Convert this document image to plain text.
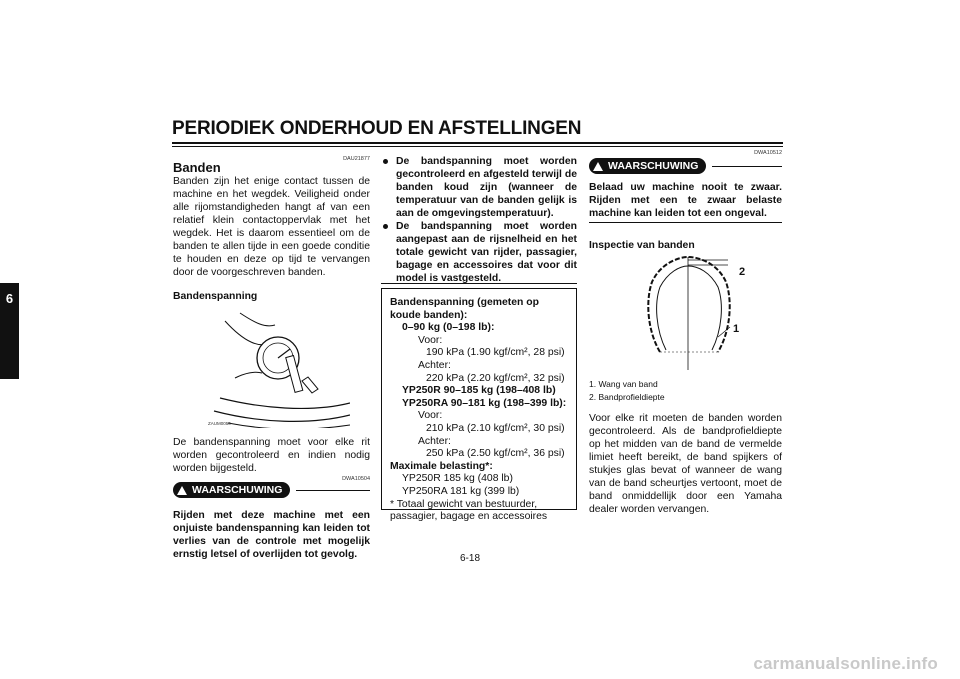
PERIODIEK ONDERHOUD EN AFSTELLINGEN
6
DAU21877
Banden
Banden zijn het enige contact tussen de machine en het wegdek. Veiligheid onder alle rijomstandigheden hangt af van een relatief klein contactoppervlak met het wegdek. Het is daarom essentieel om de banden te allen tijde in een goede conditie te houden en deze op tijd te vervangen door de voorgeschreven banden.
Bandenspanning
ZAUM0050
De bandenspanning moet voor elke rit worden gecontroleerd en indien nodig worden bijgesteld.
DWA10504
WAARSCHUWING
Rijden met deze machine met een onjuiste bandenspanning kan leiden tot verlies van de controle met mogelijk ernstig letsel of overlijden tot gevolg.
De bandspanning moet worden gecontroleerd en afgesteld terwijl de banden koud zijn (wanneer de temperatuur van de banden gelijk is aan de omgevingstemperatuur).
De bandspanning moet worden aangepast aan de rijsnelheid en het totale gewicht van rijder, passagier, bagage en accessoires dat voor dit model is vastgesteld.
Bandenspanning (gemeten op koude banden):
0–90 kg (0–198 lb):
Voor:
190 kPa (1.90 kgf/cm², 28 psi)
Achter:
220 kPa (2.20 kgf/cm², 32 psi)
YP250R 90–185 kg (198–408 lb)
YP250RA 90–181 kg (198–399 lb):
Voor:
210 kPa (2.10 kgf/cm², 30 psi)
Achter:
250 kPa (2.50 kgf/cm², 36 psi)
Maximale belasting*:
YP250R 185 kg (408 lb)
YP250RA 181 kg (399 lb)
* Totaal gewicht van bestuurder, passagier, bagage en accessoires
DWA10512
WAARSCHUWING
Belaad uw machine nooit te zwaar. Rijden met een te zwaar belaste machine kan leiden tot een ongeval.
Inspectie van banden
2
1
1. Wang van band
2. Bandprofieldiepte
Voor elke rit moeten de banden worden gecontroleerd. Als de bandprofieldiepte op het midden van de band de vermelde limiet heeft bereikt, de band spijkers of stukjes glas bevat of wanneer de wang van de band scheurtjes vertoont, moet de band onmiddellijk door een Yamaha dealer worden vervangen.
6-18
carmanualsonline.info
